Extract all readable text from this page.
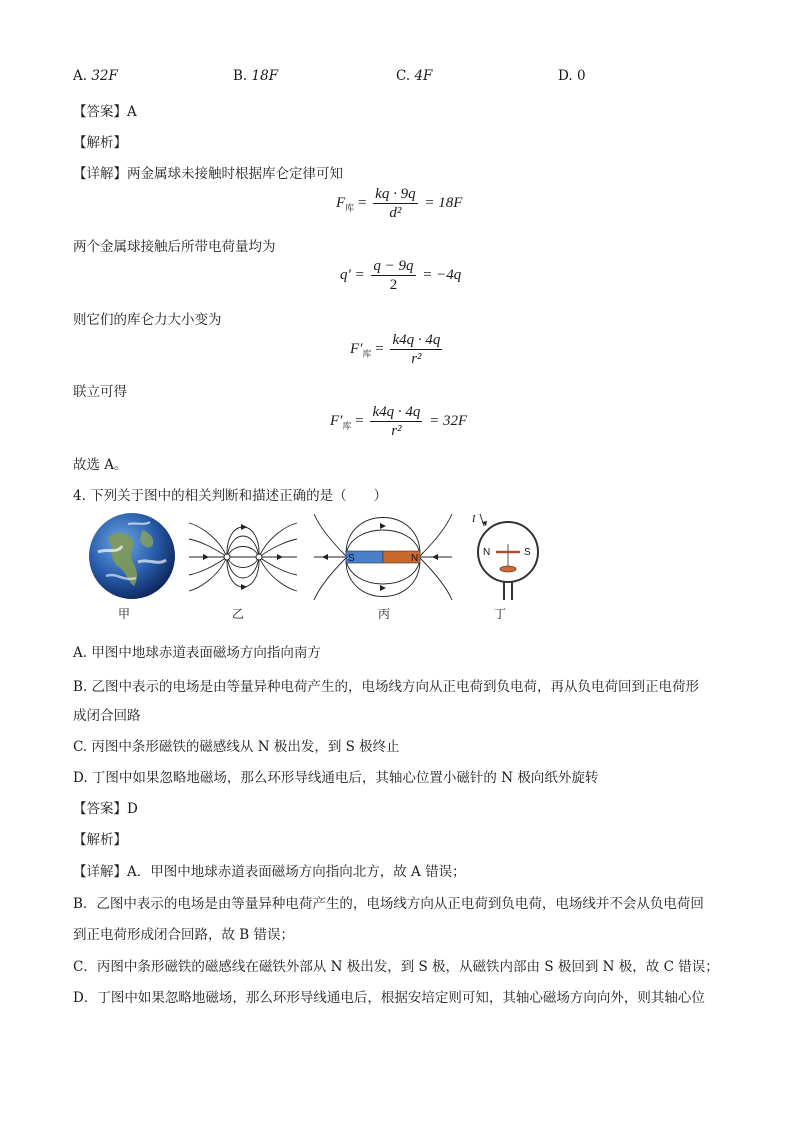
A. 32F	B. 18F	C. 4F	D. 0
【答案】A
【解析】
【详解】两金属球未接触时根据库仑定律可知
$F_库 = \frac{kq \cdot 9q}{\text{d²}} = 18F$
两个金属球接触后所带电荷量均为
$q' = \frac{q - 9q}{2} = -4q$
则它们的库仑力大小变为
$F'_库 = \frac{k4q \cdot 4q}{\text{r²}}$
联立可得
$F'_库 = \frac{k4q \cdot 4q}{\text{r²}} = 32F$
故选 A。
4. 下列关于图中的相关判断和描述正确的是（　　）
甲	乙
S	N
丙
I
N	S
丁
A. 甲图中地球赤道表面磁场方向指向南方
B. 乙图中表示的电场是由等量异种电荷产生的，电场线方向从正电荷到负电荷，再从负电荷回到正电荷形
成闭合回路
C. 丙图中条形磁铁的磁感线从 N 极出发，到 S 极终止
D. 丁图中如果忽略地磁场，那么环形导线通电后，其轴心位置小磁针的 N 极向纸外旋转
【答案】D
【解析】
【详解】A．甲图中地球赤道表面磁场方向指向北方，故 A 错误；
B．乙图中表示的电场是由等量异种电荷产生的，电场线方向从正电荷到负电荷，电场线并不会从负电荷回
到正电荷形成闭合回路，故 B 错误；
C．丙图中条形磁铁的磁感线在磁铁外部从 N 极出发，到 S 极，从磁铁内部由 S 极回到 N 极，故 C 错误；
D．丁图中如果忽略地磁场，那么环形导线通电后，根据安培定则可知，其轴心磁场方向向外，则其轴心位
